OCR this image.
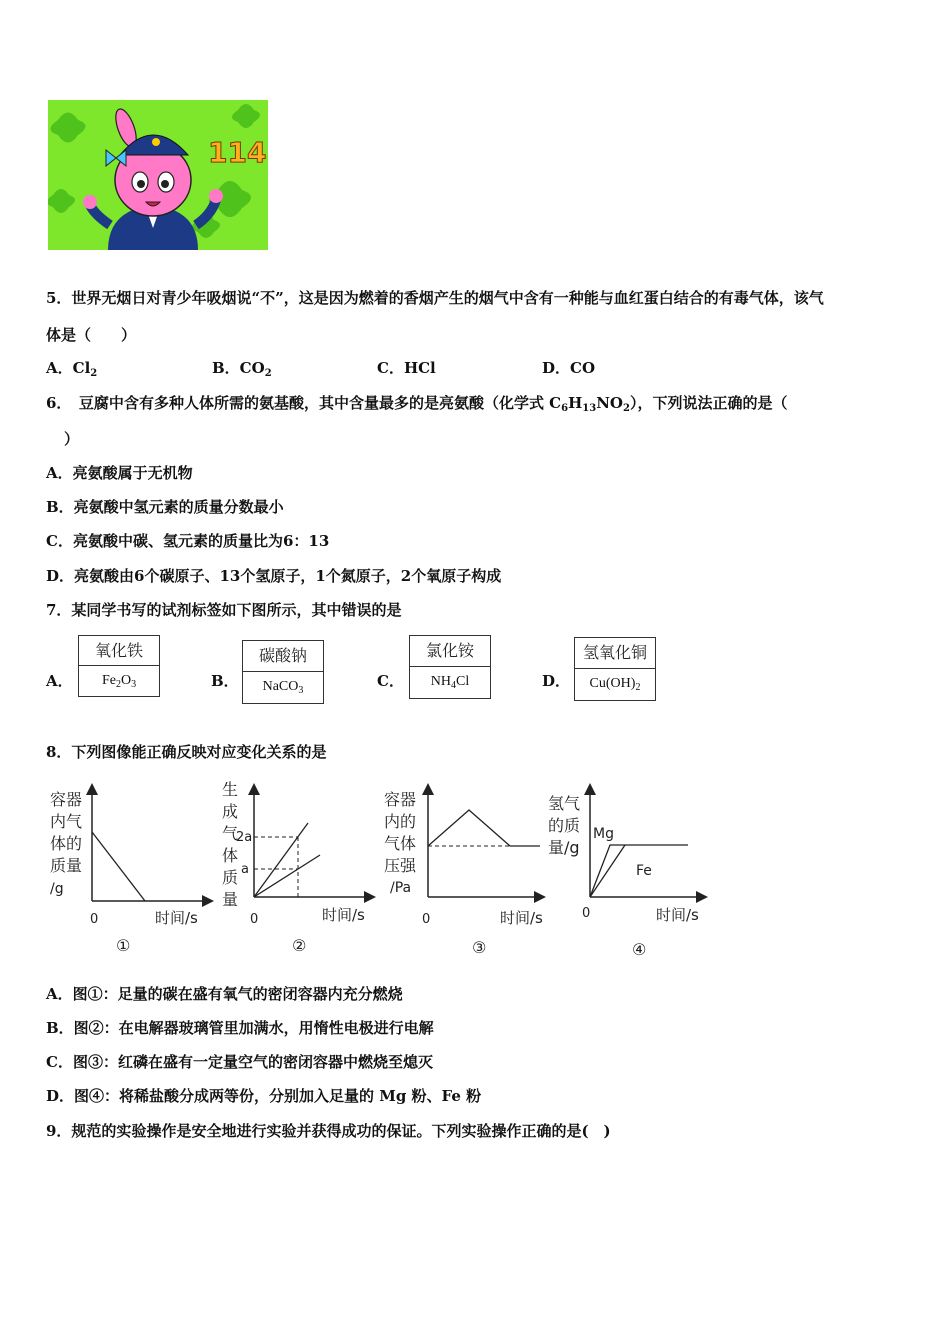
114
5．世界无烟日对青少年吸烟说“不”，这是因为燃着的香烟产生的烟气中含有一种能与血红蛋白结合的有毒气体，该气
体是（　　）
A．$Cl_2$	B．$CO_2$	C．HCl	D．CO
6．　豆腐中含有多种人体所需的氨基酸，其中含量最多的是亮氨酸（化学式 $C_6H_{13}NO_2$），下列说法正确的是（
）
A．亮氨酸属于无机物
B．亮氨酸中氢元素的质量分数最小
C．亮氨酸中碳、氢元素的质量比为6：13
D．亮氨酸由6个碳原子、13个氢原子，1个氮原子，2个氧原子构成
7．某同学书写的试剂标签如下图所示，其中错误的是
A．
氧化铁
$Fe_2O_3$	B．
碳酸钠
NaCO$_3$
C．
氯化铵
$NH_4Cl$	D．
氢氧化铜
$Cu(OH)_2$
8．下列图像能正确反映对应变化关系的是
容器
内气
体的
质量
/g
0	时间/s
①
生
成
气
体
质
量
2a
a
0	时间/s
②
容器
内的
气体
压强
/Pa
0	时间/s
③
氢气
的质
量/g
Mg
Fe
0	时间/s
④
A．图①：足量的碳在盛有氧气的密闭容器内充分燃烧
B．图②：在电解器玻璃管里加满水，用惰性电极进行电解
C．图③：红磷在盛有一定量空气的密闭容器中燃烧至熄灭
D．图④：将稀盐酸分成两等份，分别加入足量的 Mg 粉、Fe 粉
9．规范的实验操作是安全地进行实验并获得成功的保证。下列实验操作正确的是(　)
